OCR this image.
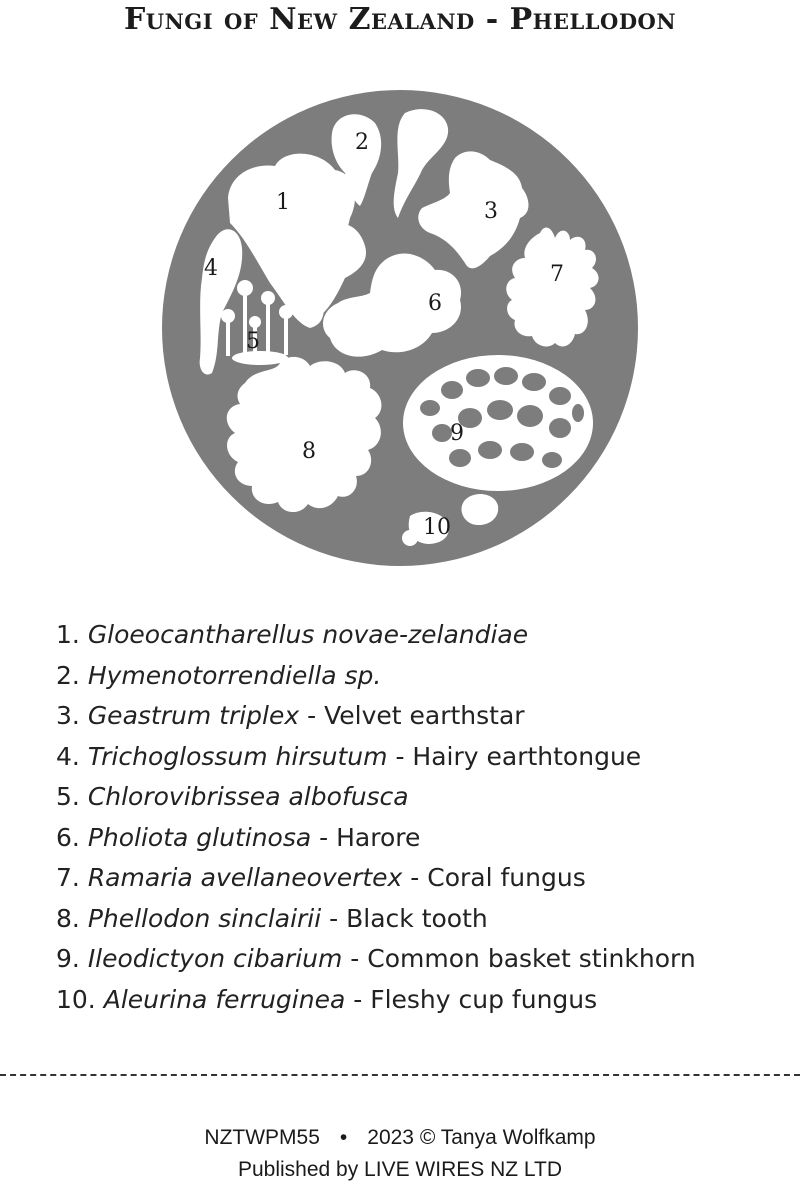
Fungi of New Zealand - Phellodon
1
2
3
4
5
6
7
8
9
10
1. Gloeocantharellus novae-zelandiae
2. Hymenotorrendiella sp.
3. Geastrum triplex - Velvet earthstar
4. Trichoglossum hirsutum - Hairy earthtongue
5. Chlorovibrissea albofusca
6. Pholiota glutinosa - Harore
7. Ramaria avellaneovertex - Coral fungus
8. Phellodon sinclairii - Black tooth
9. Ileodictyon cibarium - Common basket stinkhorn
10. Aleurina ferruginea - Fleshy cup fungus
NZTWPM55 • 2023 © Tanya Wolfkamp
Published by LIVE WIRES NZ LTD
